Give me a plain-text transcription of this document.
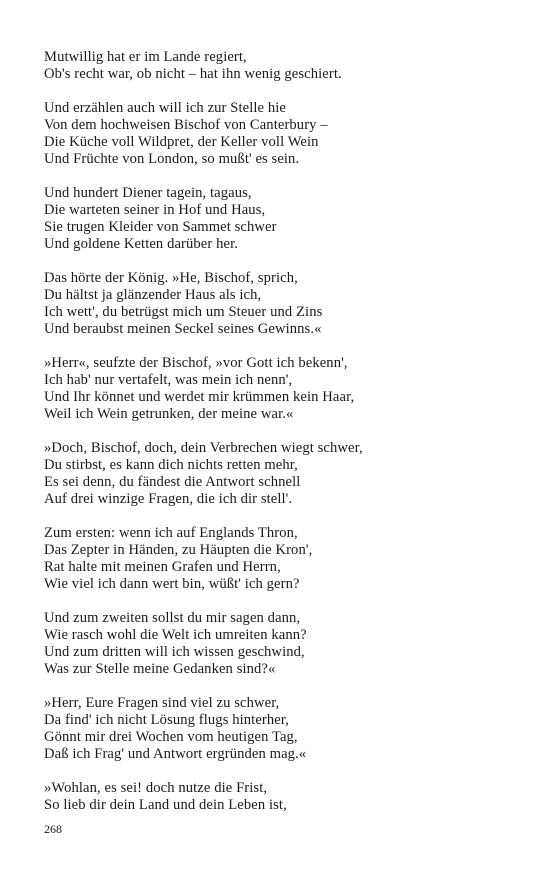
Mutwillig hat er im Lande regiert,
Ob's recht war, ob nicht – hat ihn wenig geschiert.
Und erzählen auch will ich zur Stelle hie
Von dem hochweisen Bischof von Canterbury –
Die Küche voll Wildpret, der Keller voll Wein
Und Früchte von London, so mußt' es sein.
Und hundert Diener tagein, tagaus,
Die warteten seiner in Hof und Haus,
Sie trugen Kleider von Sammet schwer
Und goldene Ketten darüber her.
Das hörte der König. »He, Bischof, sprich,
Du hältst ja glänzender Haus als ich,
Ich wett', du betrügst mich um Steuer und Zins
Und beraubst meinen Seckel seines Gewinns.«
»Herr«, seufzte der Bischof, »vor Gott ich bekenn',
Ich hab' nur vertafelt, was mein ich nenn',
Und Ihr könnet und werdet mir krümmen kein Haar,
Weil ich Wein getrunken, der meine war.«
»Doch, Bischof, doch, dein Verbrechen wiegt schwer,
Du stirbst, es kann dich nichts retten mehr,
Es sei denn, du fändest die Antwort schnell
Auf drei winzige Fragen, die ich dir stell'.
Zum ersten: wenn ich auf Englands Thron,
Das Zepter in Händen, zu Häupten die Kron',
Rat halte mit meinen Grafen und Herrn,
Wie viel ich dann wert bin, wüßt' ich gern?
Und zum zweiten sollst du mir sagen dann,
Wie rasch wohl die Welt ich umreiten kann?
Und zum dritten will ich wissen geschwind,
Was zur Stelle meine Gedanken sind?«
»Herr, Eure Fragen sind viel zu schwer,
Da find' ich nicht Lösung flugs hinterher,
Gönnt mir drei Wochen vom heutigen Tag,
Daß ich Frag' und Antwort ergründen mag.«
»Wohlan, es sei! doch nutze die Frist,
So lieb dir dein Land und dein Leben ist,
268
